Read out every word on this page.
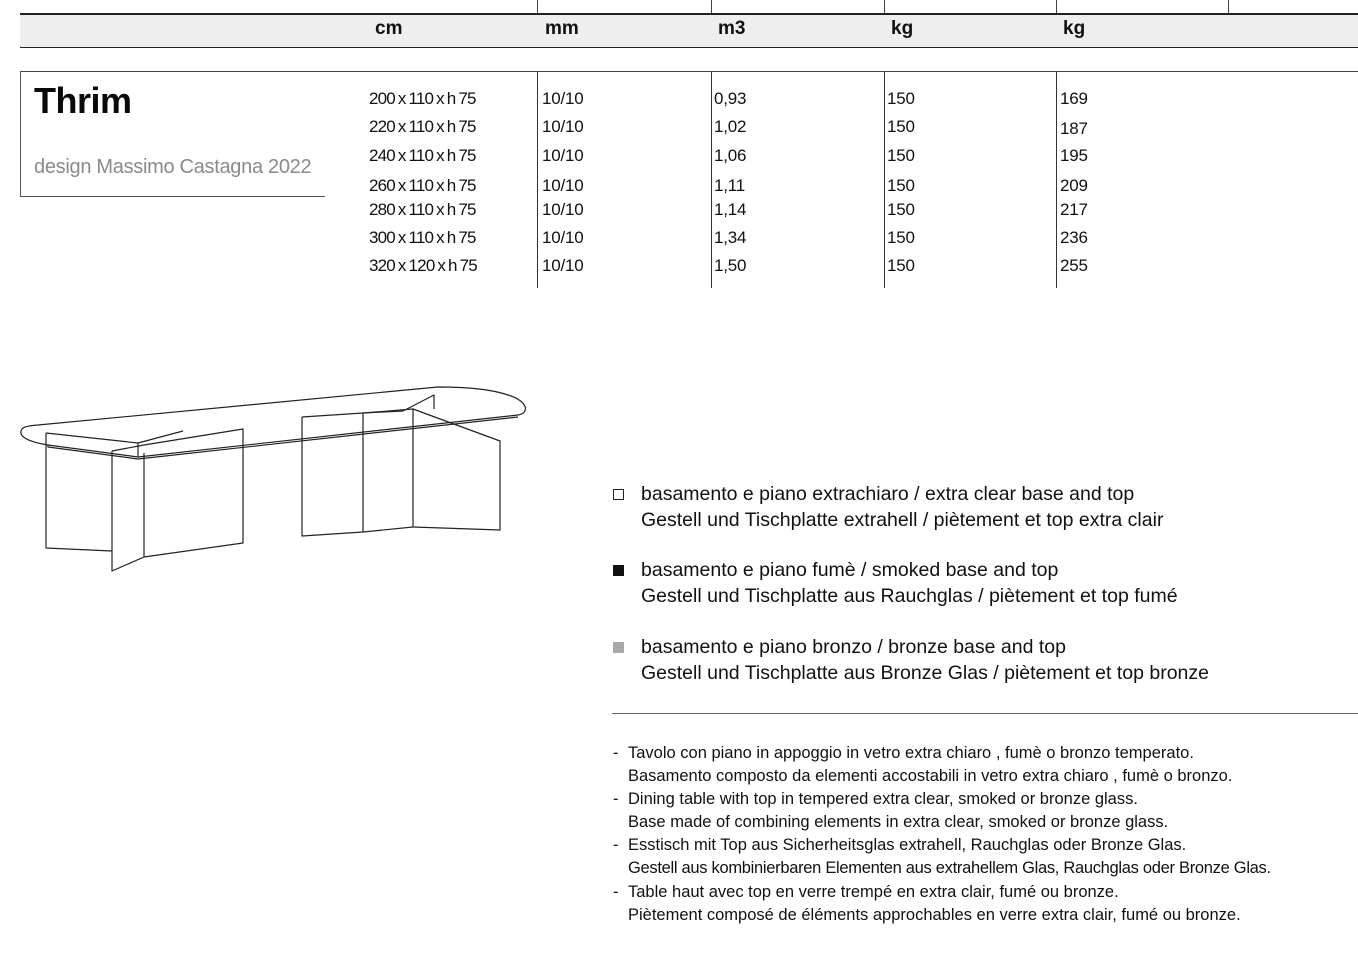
cm	mm	m3	kg	kg
Thrim
design Massimo Castagna 2022
200 x 110 x h 75	10/10	0,93	150	169
220 x 110 x h 75	10/10	1,02	150	187
240 x 110 x h 75	10/10	1,06	150	195
260 x 110 x h 75	10/10	1,11	150	209
280 x 110 x h 75	10/10	1,14	150	217
300 x 110 x h 75	10/10	1,34	150	236
320 x 120 x h 75	10/10	1,50	150	255
basamento e piano extrachiaro / extra clear base and top
Gestell und Tischplatte extrahell / piètement et top extra clair
basamento e piano fumè / smoked base and top
Gestell und Tischplatte aus Rauchglas / piètement et top fumé
basamento e piano bronzo / bronze base and top
Gestell und Tischplatte aus Bronze Glas / piètement et top bronze
- Tavolo con piano in appoggio in vetro extra chiaro , fumè o bronzo temperato.
Basamento composto da elementi accostabili in vetro extra chiaro , fumè o bronzo.
- Dining table with top in tempered extra clear, smoked or bronze glass.
Base made of combining elements in extra clear, smoked or bronze glass.
- Esstisch mit Top aus Sicherheitsglas extrahell, Rauchglas oder Bronze Glas.
Gestell aus kombinierbaren Elementen aus extrahellem Glas, Rauchglas oder Bronze Glas.
- Table haut avec top en verre trempé en extra clair, fumé ou bronze.
Piètement composé de éléments approchables en verre extra clair, fumé ou bronze.
